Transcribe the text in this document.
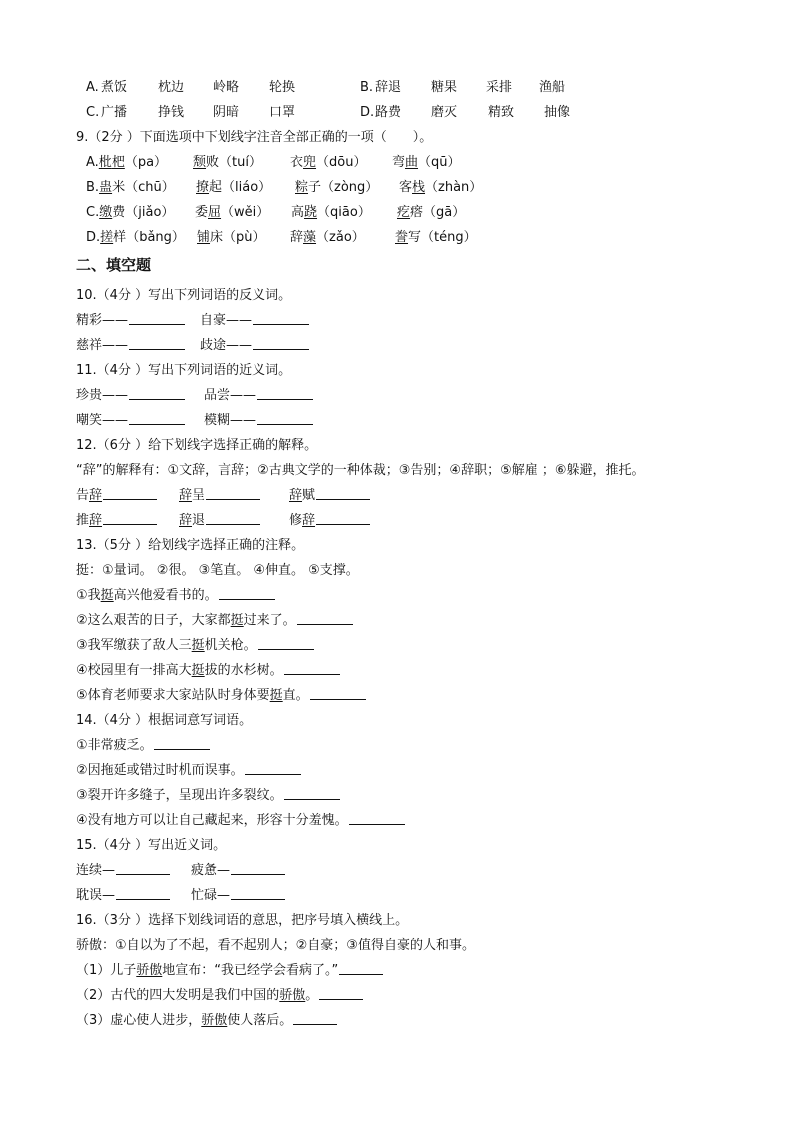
A. 煮饭 枕边 岭略 轮换	B. 辞退 糖果 采排 渔船
C. 广播 挣钱 阴暗 口罩	D. 路费 磨灭 精致 抽像
9.（2分 ）下面选项中下划线字注音全部正确的一项（　　）。
A.枇杷（pa） 颓败（tuí） 衣兜（dōu） 弯曲（qū）
B.蛊米（chū） 撩起（liáo） 粽子（zòng） 客栈（zhàn）
C.缴费（jiǎo） 委屈（wěi） 高跷（qiāo） 疙瘩（gā）
D.搓样（bǎng） 铺床（pù） 辞藻（zǎo） 誊写（téng）
二、填空题
10.（4分 ）写出下列词语的反义词。
精彩——	自豪——
慈祥——	歧途——
11.（4分 ）写出下列词语的近义词。
珍贵——	品尝——
嘲笑——	模糊——
12.（6分 ）给下划线字选择正确的解释。
“辞”的解释有：①文辞，言辞；②古典文学的一种体裁；③告别；④辞职；⑤解雇 ；⑥躲避，推托。
告辞	辞呈	辞赋
推辞	辞退	修辞
13.（5分 ）给划线字选择正确的注释。
挺：①量词。 ②很。 ③笔直。 ④伸直。 ⑤支撑。
①我挺高兴他爱看书的。
②这么艰苦的日子，大家都挺过来了。
③我军缴获了敌人三挺机关枪。
④校园里有一排高大挺拔的水杉树。
⑤体育老师要求大家站队时身体要挺直。
14.（4分 ）根据词意写词语。
①非常疲乏。
②因拖延或错过时机而误事。
③裂开许多缝子，呈现出许多裂纹。
④没有地方可以让自己藏起来，形容十分羞愧。
15.（4分 ）写出近义词。
连续—	疲惫—
耽误—	忙碌—
16.（3分 ）选择下划线词语的意思，把序号填入横线上。
骄傲：①自以为了不起，看不起别人；②自豪；③值得自豪的人和事。
（1）儿子骄傲地宣布：“我已经学会看病了。”
（2）古代的四大发明是我们中国的骄傲。
（3）虚心使人进步，骄傲使人落后。
